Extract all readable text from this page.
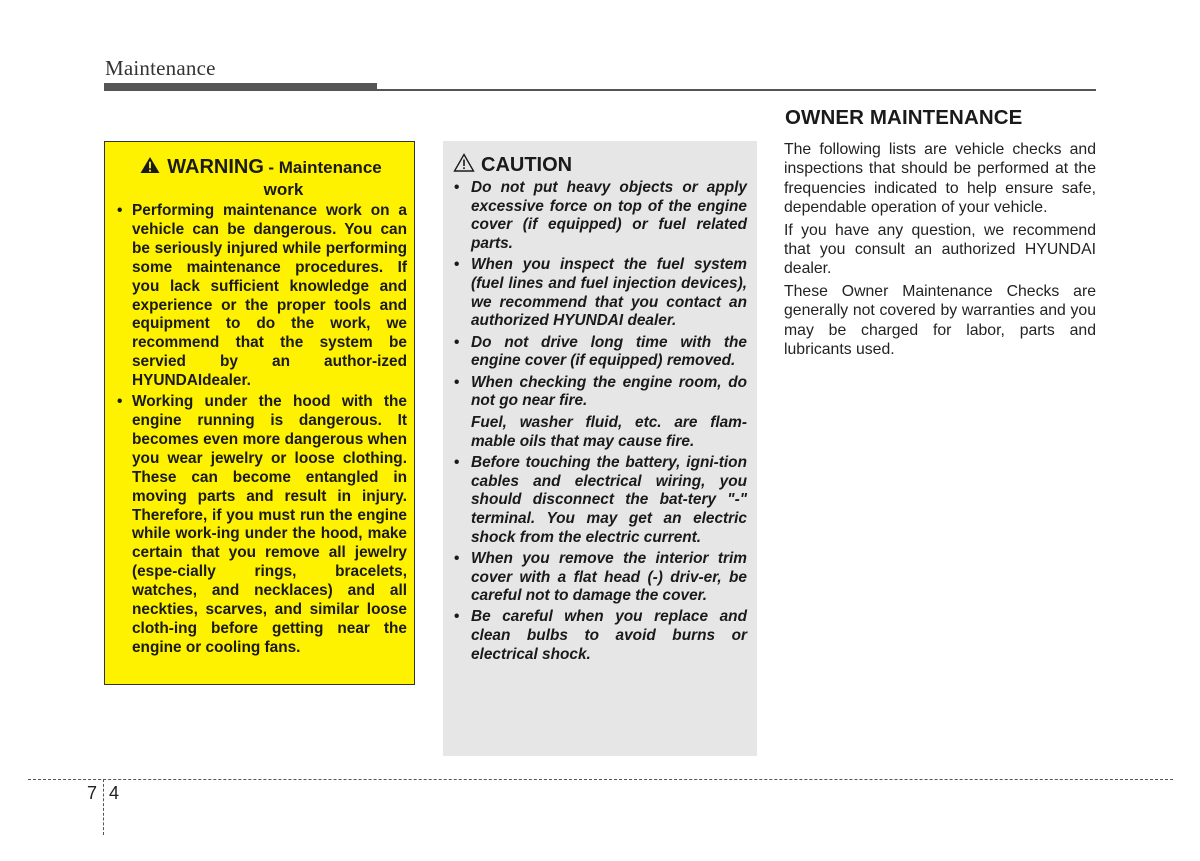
Maintenance
WARNING - Maintenance
work
• Performing maintenance work on a vehicle can be dangerous. You can be seriously injured while performing some maintenance procedures. If you lack sufficient knowledge and experience or the proper tools and equipment to do the work, we recommend that the system be servied by an author-ized HYUNDAIdealer.
• Working under the hood with the engine running is dangerous. It becomes even more dangerous when you wear jewelry or loose clothing. These can become entangled in moving parts and result in injury. Therefore, if you must run the engine while work-ing under the hood, make certain that you remove all jewelry (espe-cially rings, bracelets, watches, and necklaces) and all neckties, scarves, and similar loose cloth-ing before getting near the engine or cooling fans.
CAUTION
• Do not put heavy objects or apply excessive force on top of the engine cover (if equipped) or fuel related parts.
• When you inspect the fuel system (fuel lines and fuel injection devices), we recommend that you contact an authorized HYUNDAI dealer.
• Do not drive long time with the engine cover (if equipped) removed.
• When checking the engine room, do not go near fire.
Fuel, washer fluid, etc. are flam-mable oils that may cause fire.
• Before touching the battery, igni-tion cables and electrical wiring, you should disconnect the bat-tery "-" terminal. You may get an electric shock from the electric current.
• When you remove the interior trim cover with a flat head (-) driv-er, be careful not to damage the cover.
• Be careful when you replace and clean bulbs to avoid burns or electrical shock.
OWNER MAINTENANCE

The following lists are vehicle checks and inspections that should be performed at the frequencies indicated to help ensure safe, dependable operation of your vehicle.

If you have any question, we recommend that you consult an authorized HYUNDAI dealer.

These Owner Maintenance Checks are generally not covered by warranties and you may be charged for labor, parts and lubricants used.

7 4
